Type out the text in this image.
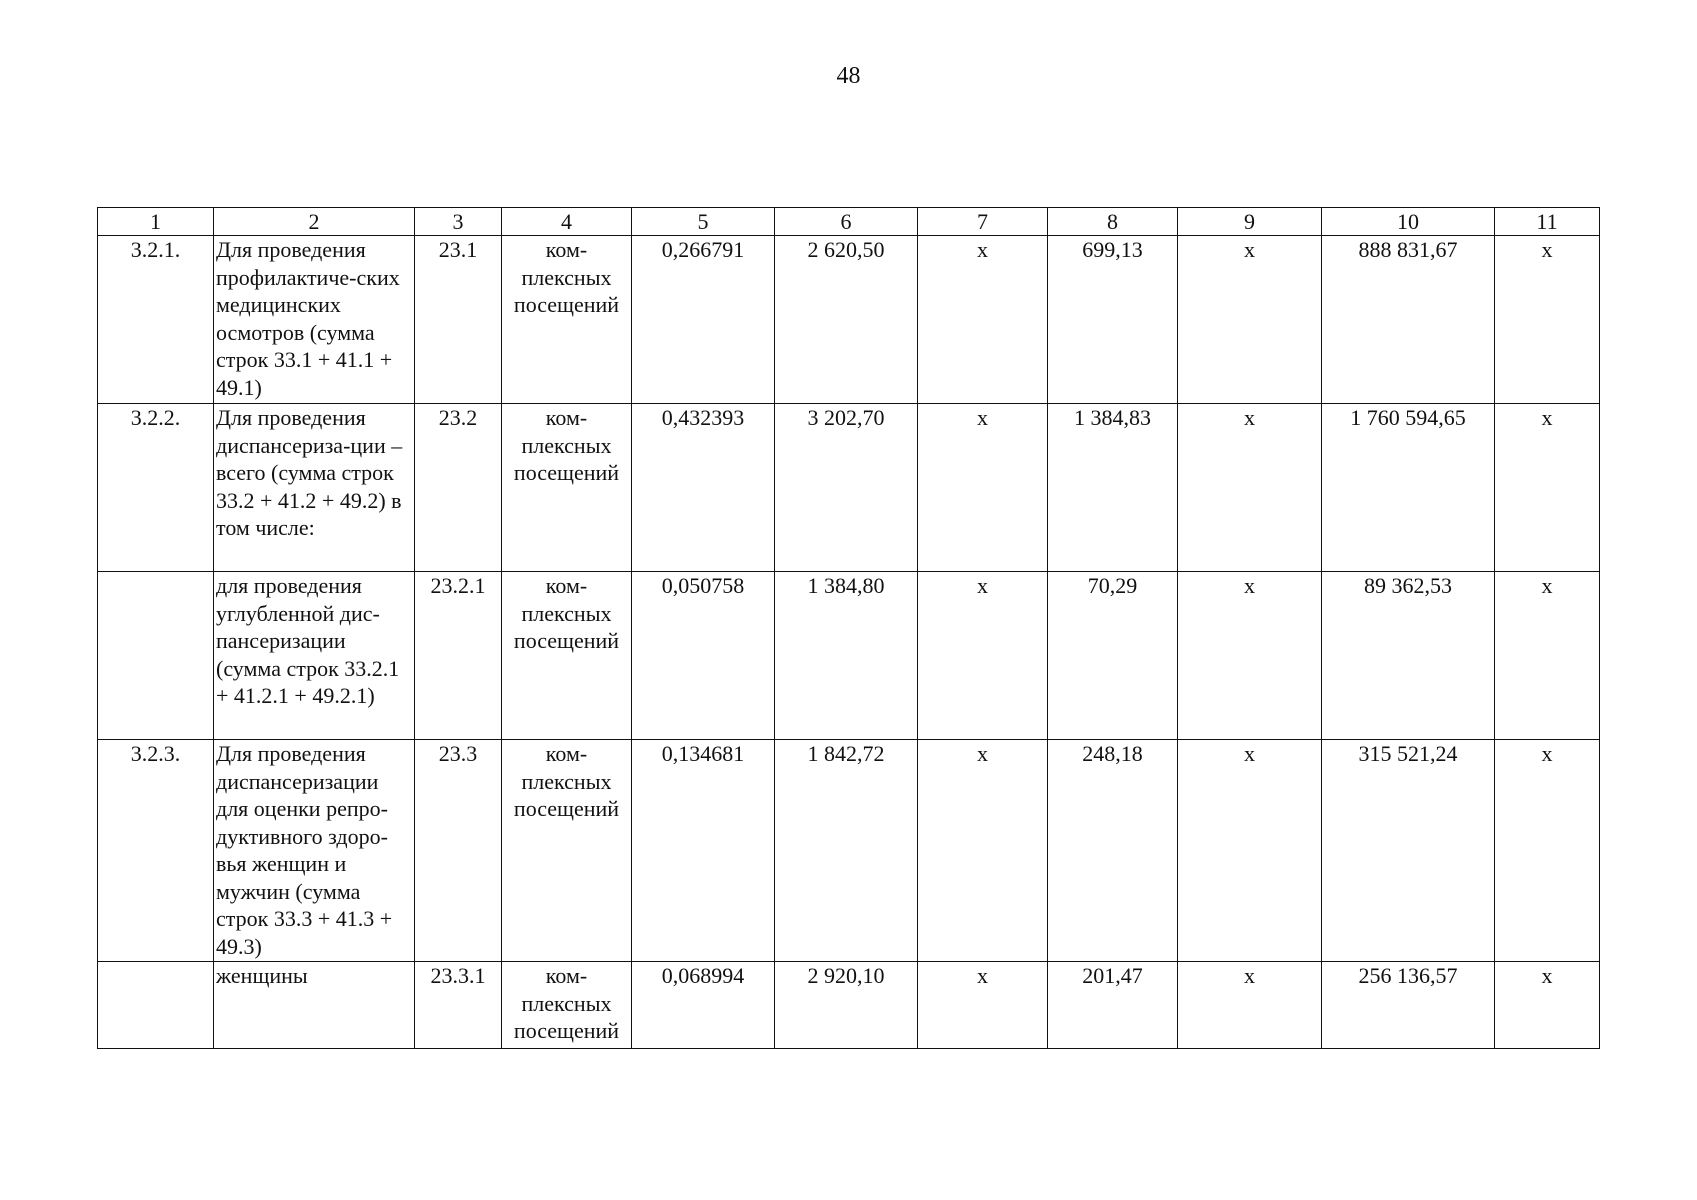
48
1	2	3	4	5	6	7	8	9	10	11
3.2.1.	Для проведения профилактиче-ских медицинских осмотров (сумма строк 33.1 + 41.1 + 49.1)	23.1	ком-плексных посещений	0,266791	2 620,50	х	699,13	х	888 831,67	х
3.2.2.	Для проведения диспансериза-ции – всего (сумма строк 33.2 + 41.2 + 49.2) в том числе:	23.2	ком-плексных посещений	0,432393	3 202,70	х	1 384,83	х	1 760 594,65	х
	для проведения углубленной дис-пансеризации (сумма строк 33.2.1 + 41.2.1 + 49.2.1)	23.2.1	ком-плексных посещений	0,050758	1 384,80	х	70,29	х	89 362,53	х
3.2.3.	Для проведения диспансеризации для оценки репро-дуктивного здоро-вья женщин и мужчин (сумма строк 33.3 + 41.3 + 49.3)	23.3	ком-плексных посещений	0,134681	1 842,72	х	248,18	х	315 521,24	х
	женщины	23.3.1	ком-плексных посещений	0,068994	2 920,10	х	201,47	х	256 136,57	х
